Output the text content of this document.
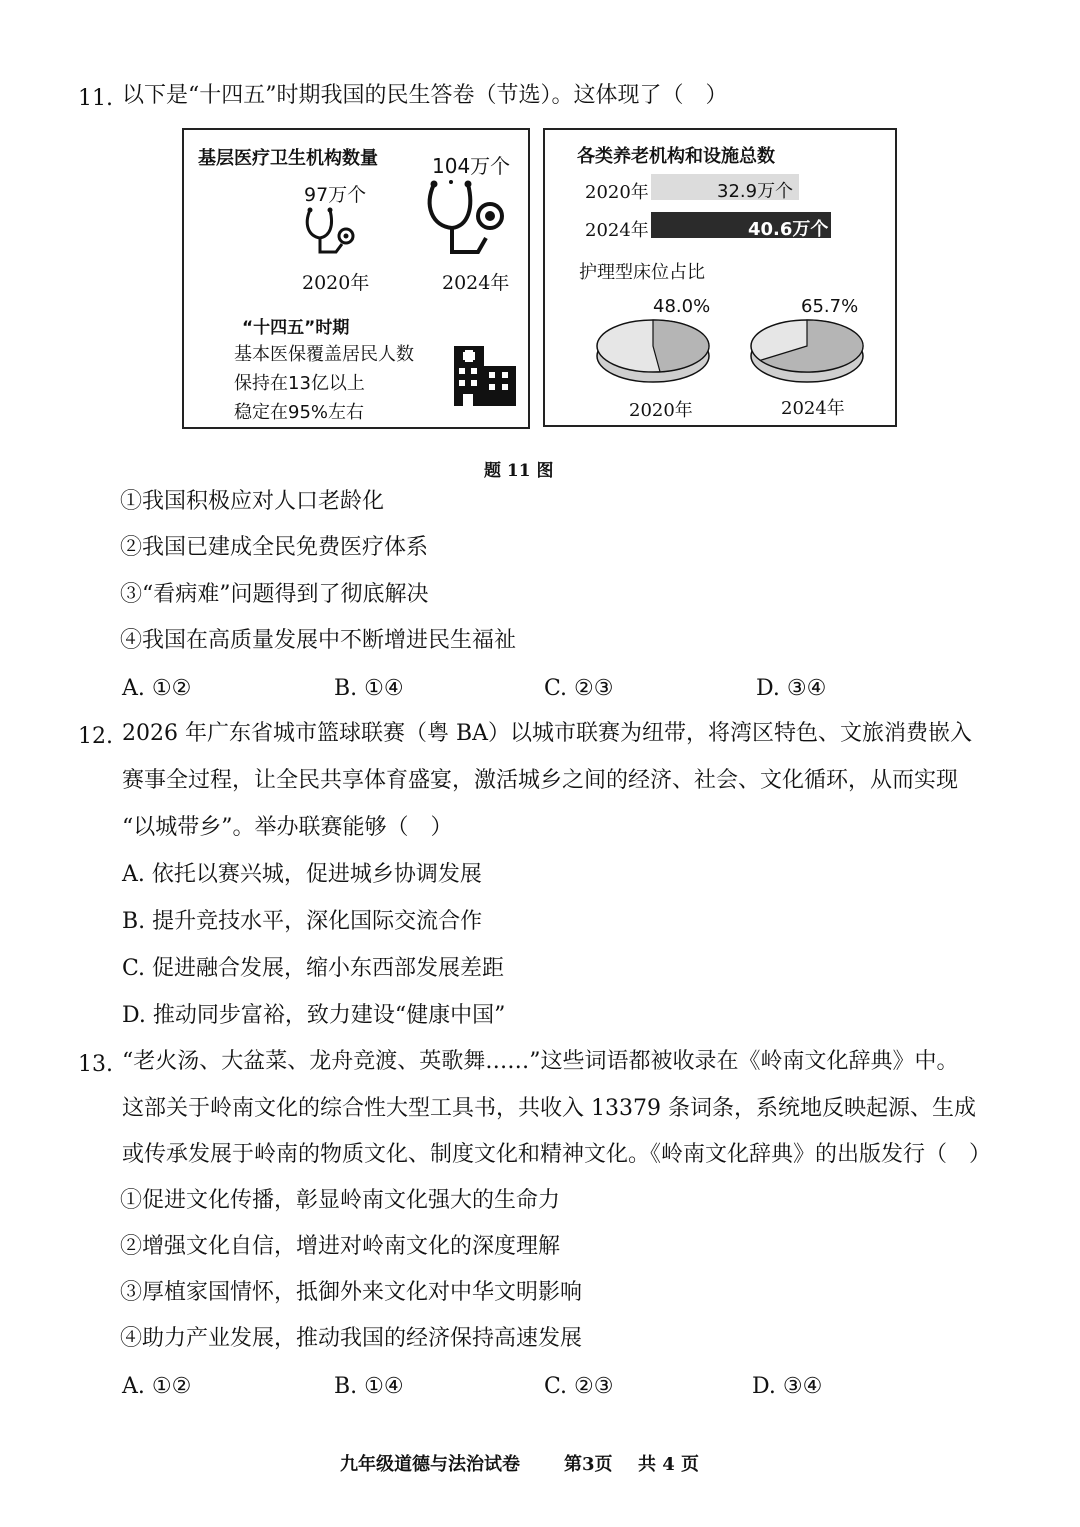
11. 以下是“十四五”时期我国的民生答卷（节选）。这体现了（　）
基层医疗卫生机构数量	104万个
97万个
2020年	2024年
“十四五”时期
基本医保覆盖居民人数
保持在13亿以上
稳定在95%左右
各类养老机构和设施总数
2020年	32.9万个
2024年	40.6万个
护理型床位占比
48.0%	65.7%
2020年	2024年
题 11 图
①我国积极应对人口老龄化
②我国已建成全民免费医疗体系
③“看病难”问题得到了彻底解决
④我国在高质量发展中不断增进民生福祉
A. ①②	B. ①④	C. ②③	D. ③④
12. 2026 年广东省城市篮球联赛（粤 BA）以城市联赛为纽带，将湾区特色、文旅消费嵌入
赛事全过程，让全民共享体育盛宴，激活城乡之间的经济、社会、文化循环，从而实现
“以城带乡”。举办联赛能够（　）
A. 依托以赛兴城，促进城乡协调发展
B. 提升竞技水平，深化国际交流合作
C. 促进融合发展，缩小东西部发展差距
D. 推动同步富裕，致力建设“健康中国”
13. “老火汤、大盆菜、龙舟竞渡、英歌舞……”这些词语都被收录在《岭南文化辞典》中。
这部关于岭南文化的综合性大型工具书，共收入 13379 条词条，系统地反映起源、生成
或传承发展于岭南的物质文化、制度文化和精神文化。《岭南文化辞典》的出版发行（　）
①促进文化传播，彰显岭南文化强大的生命力
②增强文化自信，增进对岭南文化的深度理解
③厚植家国情怀，抵御外来文化对中华文明影响
④助力产业发展，推动我国的经济保持高速发展
A. ①②	B. ①④	C. ②③	D. ③④
九年级道德与法治试卷 第3页 共 4 页
